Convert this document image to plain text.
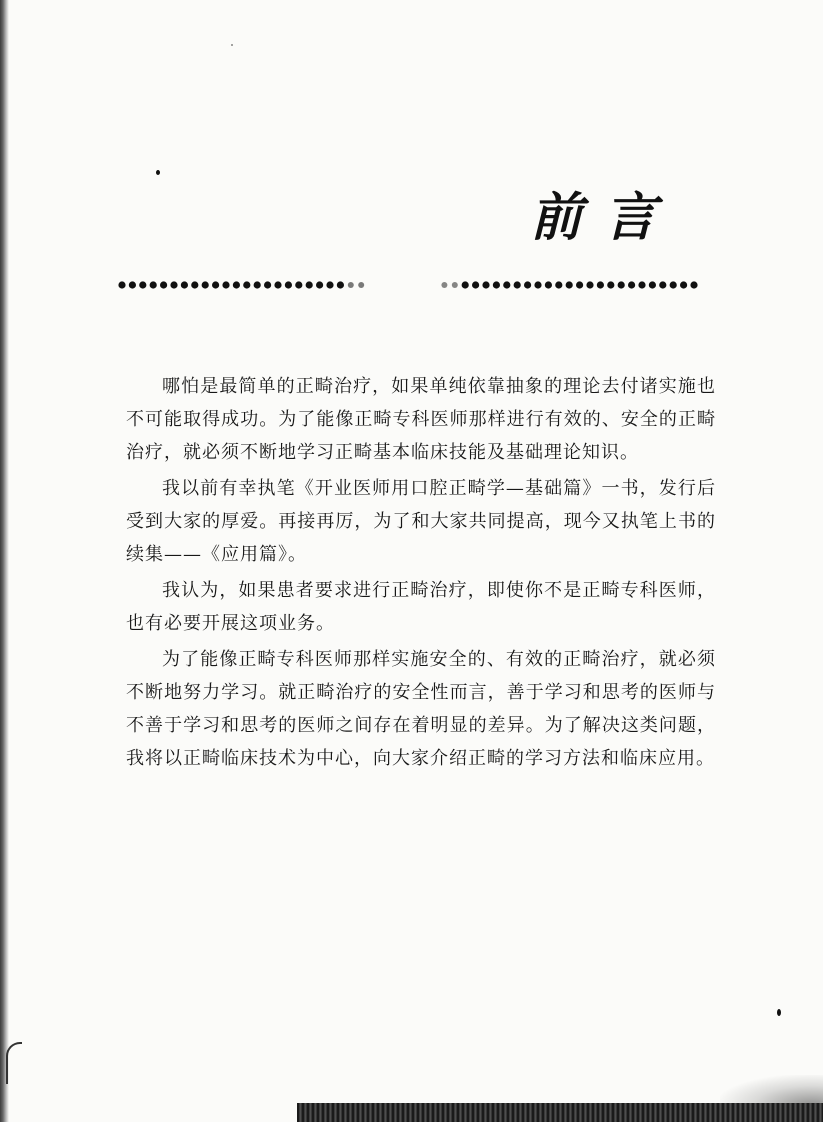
前言

哪怕是最简单的正畸治疗，如果单纯依靠抽象的理论去付诸实施也不可能取得成功。为了能像正畸专科医师那样进行有效的、安全的正畸治疗，就必须不断地学习正畸基本临床技能及基础理论知识。

我以前有幸执笔《开业医师用口腔正畸学—基础篇》一书，发行后受到大家的厚爱。再接再厉，为了和大家共同提高，现今又执笔上书的续集——《应用篇》。

我认为，如果患者要求进行正畸治疗，即使你不是正畸专科医师，也有必要开展这项业务。

为了能像正畸专科医师那样实施安全的、有效的正畸治疗，就必须不断地努力学习。就正畸治疗的安全性而言，善于学习和思考的医师与不善于学习和思考的医师之间存在着明显的差异。为了解决这类问题，我将以正畸临床技术为中心，向大家介绍正畸的学习方法和临床应用。
